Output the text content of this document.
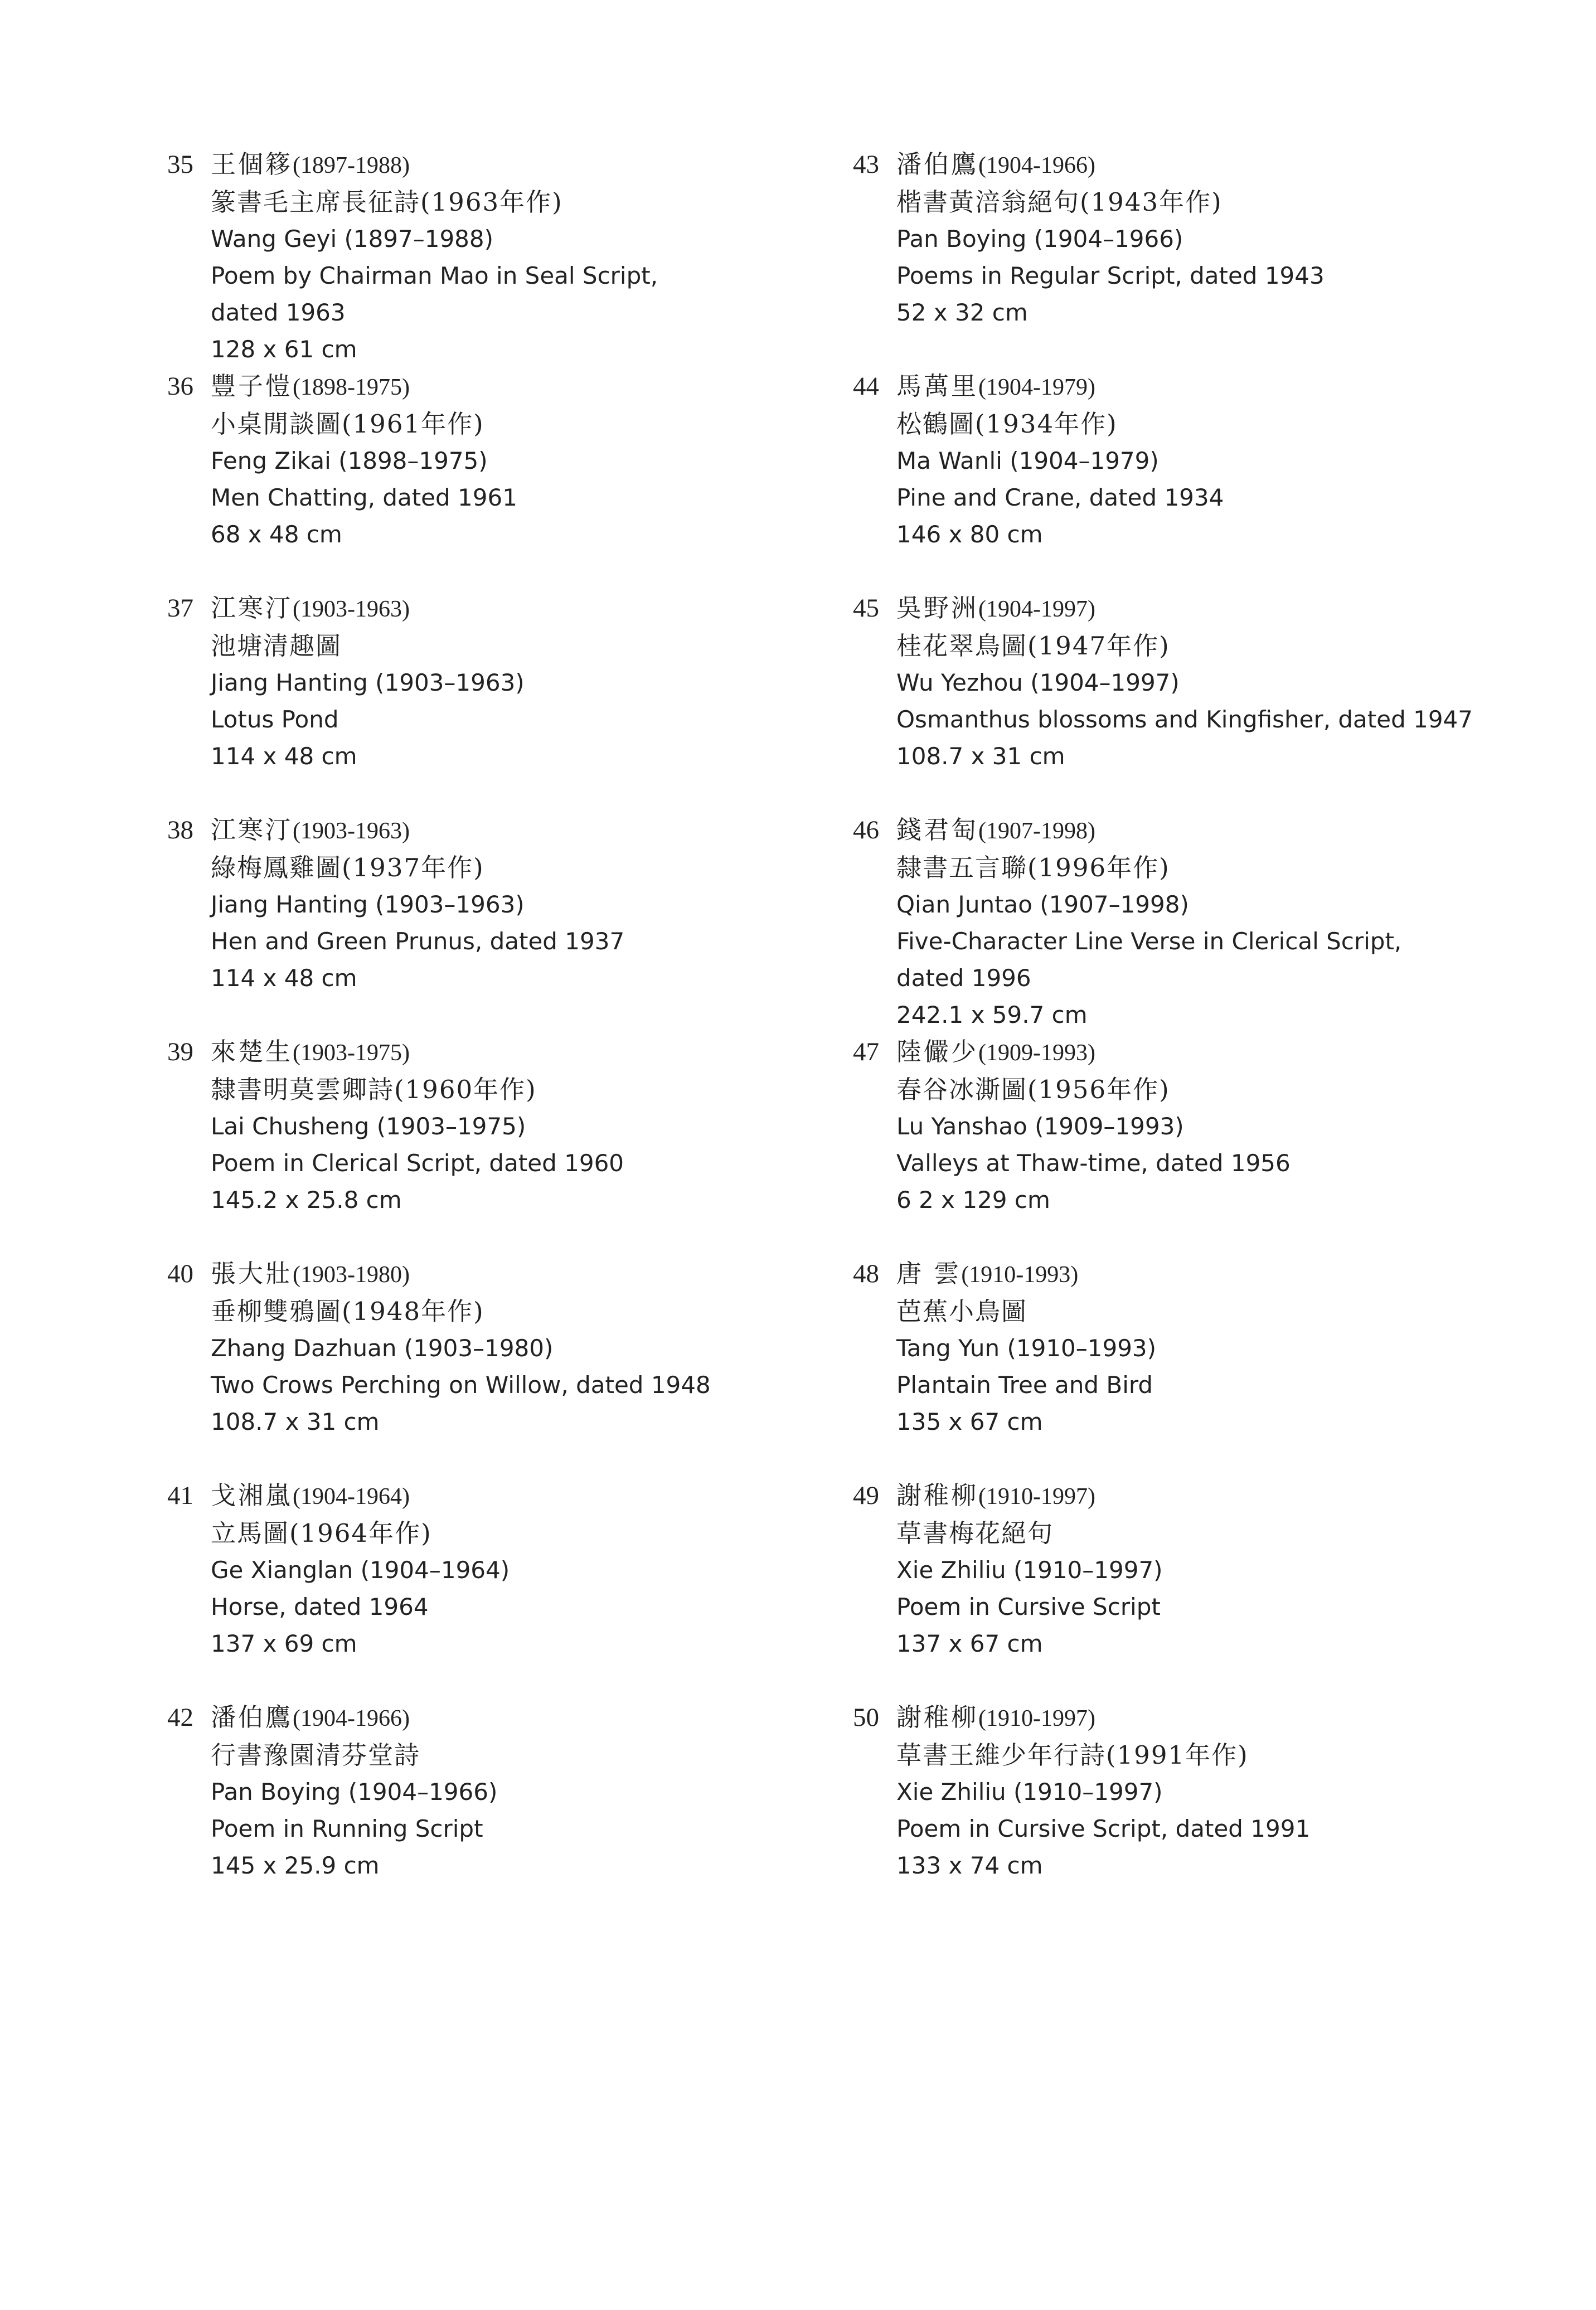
35 王個簃(1897-1988)
篆書毛主席長征詩(1963年作)
Wang Geyi (1897–1988)
Poem by Chairman Mao in Seal Script,
dated 1963
128 x 61 cm
36 豐子愷(1898-1975)
小桌閒談圖(1961年作)
Feng Zikai (1898–1975)
Men Chatting, dated 1961
68 x 48 cm
37 江寒汀(1903-1963)
池塘清趣圖
Jiang Hanting (1903–1963)
Lotus Pond
114 x 48 cm
38 江寒汀(1903-1963)
綠梅鳳雞圖(1937年作)
Jiang Hanting (1903–1963)
Hen and Green Prunus, dated 1937
114 x 48 cm
39 來楚生(1903-1975)
隸書明莫雲卿詩(1960年作)
Lai Chusheng (1903–1975)
Poem in Clerical Script, dated 1960
145.2 x 25.8 cm
40 張大壯(1903-1980)
垂柳雙鴉圖(1948年作)
Zhang Dazhuan (1903–1980)
Two Crows Perching on Willow, dated 1948
108.7 x 31 cm
41 戈湘嵐(1904-1964)
立馬圖(1964年作)
Ge Xianglan (1904–1964)
Horse, dated 1964
137 x 69 cm
42 潘伯鷹(1904-1966)
行書豫園清芬堂詩
Pan Boying (1904–1966)
Poem in Running Script
145 x 25.9 cm
43 潘伯鷹(1904-1966)
楷書黃涪翁絕句(1943年作)
Pan Boying (1904–1966)
Poems in Regular Script, dated 1943
52 x 32 cm
44 馬萬里(1904-1979)
松鶴圖(1934年作)
Ma Wanli (1904–1979)
Pine and Crane, dated 1934
146 x 80 cm
45 吳野洲(1904-1997)
桂花翠鳥圖(1947年作)
Wu Yezhou (1904–1997)
Osmanthus blossoms and Kingfisher, dated 1947
108.7 x 31 cm
46 錢君匋(1907-1998)
隸書五言聯(1996年作)
Qian Juntao (1907–1998)
Five-Character Line Verse in Clerical Script,
dated 1996
242.1 x 59.7 cm
47 陸儼少(1909-1993)
春谷冰澌圖(1956年作)
Lu Yanshao (1909–1993)
Valleys at Thaw-time, dated 1956
6 2 x 129 cm
48 唐 雲(1910-1993)
芭蕉小鳥圖
Tang Yun (1910–1993)
Plantain Tree and Bird
135 x 67 cm
49 謝稚柳(1910-1997)
草書梅花絕句
Xie Zhiliu (1910–1997)
Poem in Cursive Script
137 x 67 cm
50 謝稚柳(1910-1997)
草書王維少年行詩(1991年作)
Xie Zhiliu (1910–1997)
Poem in Cursive Script, dated 1991
133 x 74 cm
